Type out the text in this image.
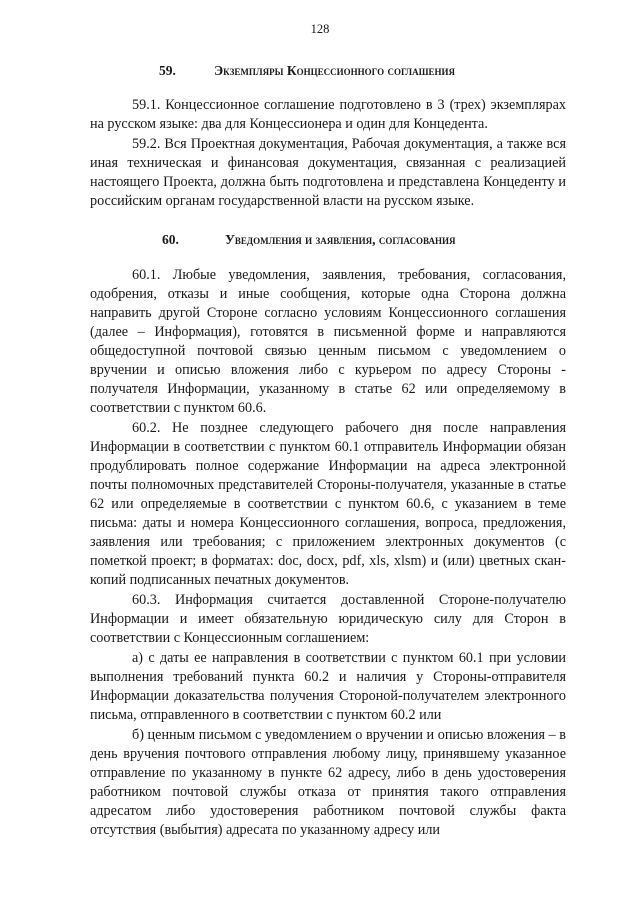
128
59.	Экземпляры Концессионного соглашения

59.1. Концессионное соглашение подготовлено в 3 (трех) экземплярах на русском языке: два для Концессионера и один для Концедента.

59.2. Вся Проектная документация, Рабочая документация, а также вся иная техническая и финансовая документация, связанная с реализацией настоящего Проекта, должна быть подготовлена и представлена Концеденту и российским органам государственной власти на русском языке.

60.	Уведомления и заявления, согласования

60.1. Любые уведомления, заявления, требования, согласования, одобрения, отказы и иные сообщения, которые одна Сторона должна направить другой Стороне согласно условиям Концессионного соглашения (далее – Информация), готовятся в письменной форме и направляются общедоступной почтовой связью ценным письмом с уведомлением о вручении и описью вложения либо с курьером по адресу Стороны - получателя Информации, указанному в статье 62 или определяемому в соответствии с пунктом 60.6.

60.2. Не позднее следующего рабочего дня после направления Информации в соответствии с пунктом 60.1 отправитель Информации обязан продублировать полное содержание Информации на адреса электронной почты полномочных представителей Стороны-получателя, указанные в статье 62 или определяемые в соответствии с пунктом 60.6, с указанием в теме письма: даты и номера Концессионного соглашения, вопроса, предложения, заявления или требования; с приложением электронных документов (с пометкой проект; в форматах: doc, docx, pdf, xls, xlsm) и (или) цветных скан-копий подписанных печатных документов.

60.3. Информация считается доставленной Стороне-получателю Информации и имеет обязательную юридическую силу для Сторон в соответствии с Концессионным соглашением:

а) с даты ее направления в соответствии с пунктом 60.1 при условии выполнения требований пункта 60.2 и наличия у Стороны-отправителя Информации доказательства получения Стороной-получателем электронного письма, отправленного в соответствии с пунктом 60.2 или

б) ценным письмом с уведомлением о вручении и описью вложения – в день вручения почтового отправления любому лицу, принявшему указанное отправление по указанному в пункте 62 адресу, либо в день удостоверения работником почтовой службы отказа от принятия такого отправления адресатом либо удостоверения работником почтовой службы факта отсутствия (выбытия) адресата по указанному адресу или
